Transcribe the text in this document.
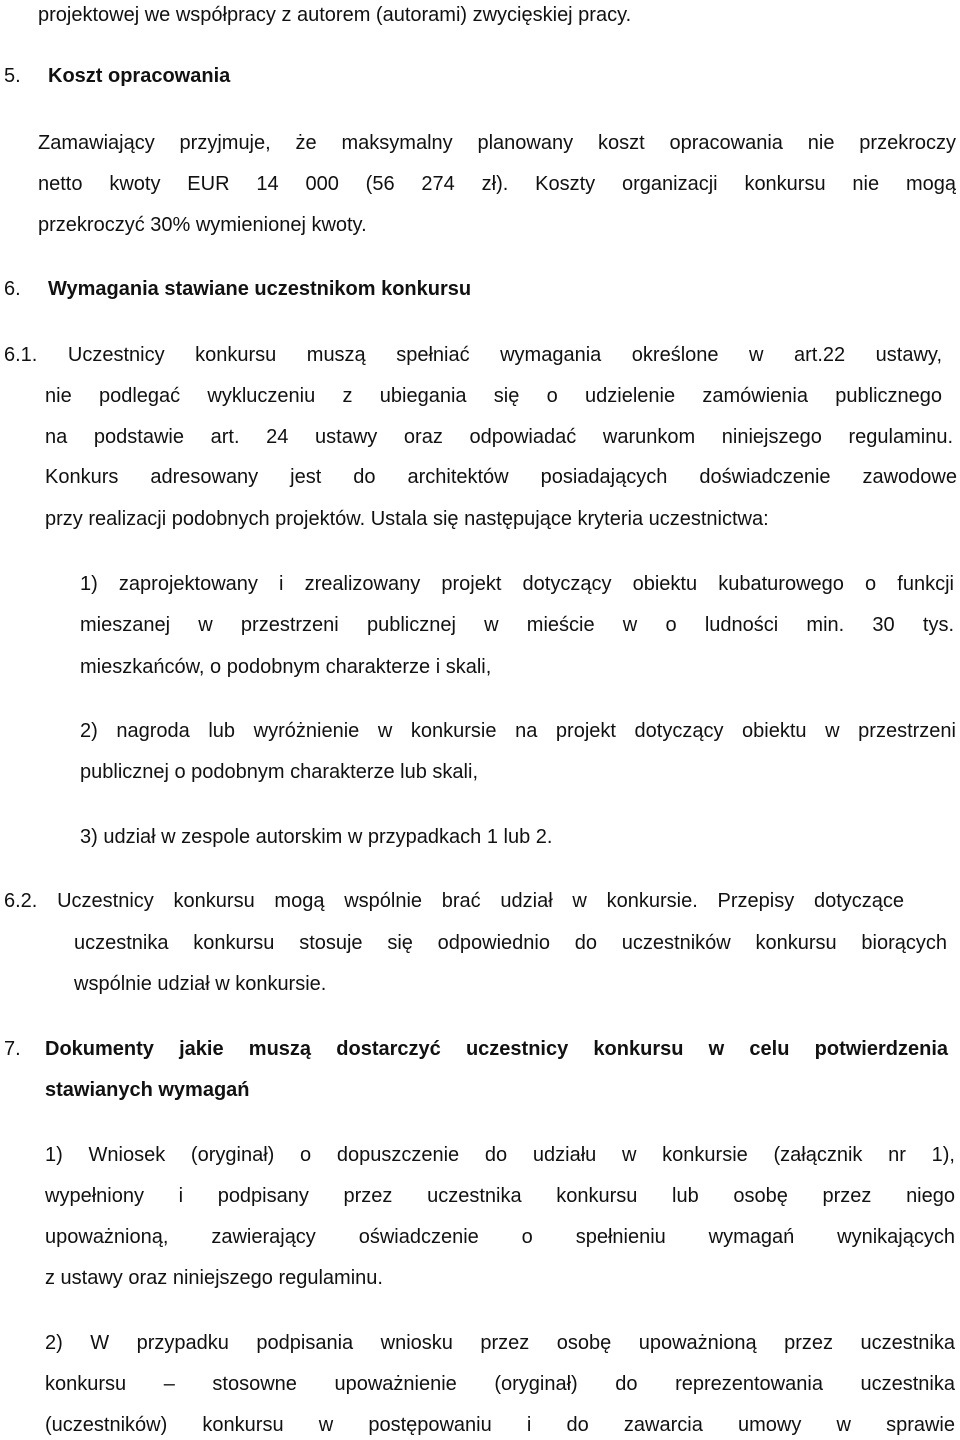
projektowej we współpracy z autorem (autorami) zwycięskiej pracy.
5. Koszt opracowania
Zamawiający przyjmuje, że maksymalny planowany koszt opracowania nie przekroczy
netto kwoty EUR 14 000 (56 274 zł). Koszty organizacji konkursu nie mogą
przekroczyć 30% wymienionej kwoty.
6. Wymagania stawiane uczestnikom konkursu
6.1. Uczestnicy konkursu muszą spełniać wymagania określone w art.22 ustawy,
nie podlegać wykluczeniu z ubiegania się o udzielenie zamówienia publicznego
na podstawie art. 24 ustawy oraz odpowiadać warunkom niniejszego regulaminu.
Konkurs adresowany jest do architektów posiadających doświadczenie zawodowe
przy realizacji podobnych projektów. Ustala się następujące kryteria uczestnictwa:
1) zaprojektowany i zrealizowany projekt dotyczący obiektu kubaturowego o funkcji
mieszanej w przestrzeni publicznej w mieście w o ludności min. 30 tys.
mieszkańców, o podobnym charakterze i skali,
2) nagroda lub wyróżnienie w konkursie na projekt dotyczący obiektu w przestrzeni
publicznej o podobnym charakterze lub skali,
3) udział w zespole autorskim w przypadkach 1 lub 2.
6.2. Uczestnicy konkursu mogą wspólnie brać udział w konkursie. Przepisy dotyczące
uczestnika konkursu stosuje się odpowiednio do uczestników konkursu biorących
wspólnie udział w konkursie.
7. Dokumenty jakie muszą dostarczyć uczestnicy konkursu w celu potwierdzenia
stawianych wymagań
1) Wniosek (oryginał) o dopuszczenie do udziału w konkursie (załącznik nr 1),
wypełniony i podpisany przez uczestnika konkursu lub osobę przez niego
upoważnioną, zawierający oświadczenie o spełnieniu wymagań wynikających
z ustawy oraz niniejszego regulaminu.
2) W przypadku podpisania wniosku przez osobę upoważnioną przez uczestnika
konkursu – stosowne upoważnienie (oryginał) do reprezentowania uczestnika
(uczestników) konkursu w postępowaniu i do zawarcia umowy w sprawie
